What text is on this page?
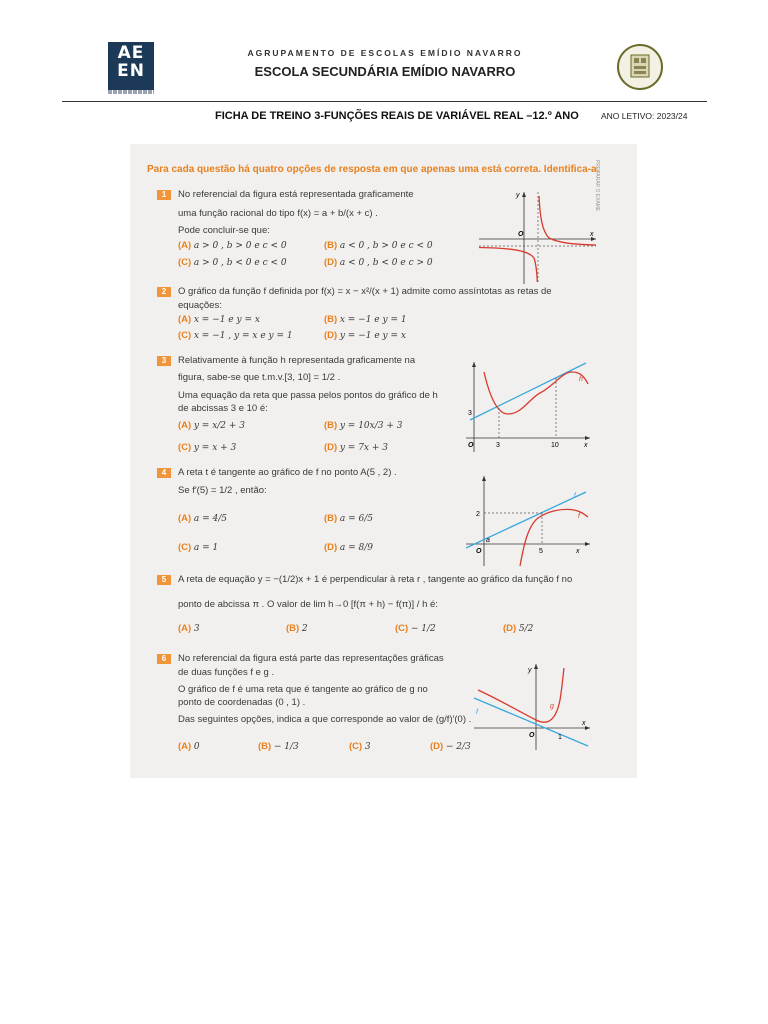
AE EN
AGRUPAMENTO DE ESCOLAS EMÍDIO NAVARRO
ESCOLA SECUNDÁRIA EMÍDIO NAVARRO
FICHA DE TREINO 3-FUNÇÕES REAIS DE VARIÁVEL REAL –12.º ANO	ANO LETIVO: 2023/24
Para cada questão há quatro opções de resposta em que apenas uma está correta. Identifica-a.
PREPARAR O EXAME
1	No referencial da figura está representada graficamente
uma função racional do tipo f(x) = a + b/(x + c) .
Pode concluir-se que:
(A) a > 0 , b > 0 e c < 0	(B) a < 0 , b > 0 e c < 0
(C) a > 0 , b < 0 e c < 0	(D) a < 0 , b < 0 e c > 0
y
x
O
2	O gráfico da função f definida por f(x) = x − x²/(x + 1) admite como assíntotas as retas de
equações:
(A) x = −1 e y = x	(B) x = −1 e y = 1
(C) x = −1 , y = x e y = 1	(D) y = −1 e y = x
3	Relativamente à função h representada graficamente na
figura, sabe-se que t.m.v.[3, 10] = 1/2 .
Uma equação da reta que passa pelos pontos do gráfico de h
de abcissas 3 e 10 é:
(A) y = x/2 + 3	(B) y = 10x/3 + 3
(C) y = x + 3	(D) y = 7x + 3
h
3
3	10
O	x
4	A reta t é tangente ao gráfico de f no ponto A(5 , 2) .
Se f′(5) = 1/2 , então:
(A) a = 4/5	(B) a = 6/5
(C) a = 1	(D) a = 8/9
t
f
2
a
O	5	x
5	A reta de equação y = −(1/2)x + 1 é perpendicular à reta r , tangente ao gráfico da função f no
ponto de abcissa π . O valor de lim h→0 [f(π + h) − f(π)] / h é:
(A) 3	(B) 2	(C) − 1/2	(D) 5/2
6	No referencial da figura está parte das representações gráficas
de duas funções f e g .
O gráfico de f é uma reta que é tangente ao gráfico de g no
ponto de coordenadas (0 , 1) .
Das seguintes opções, indica a que corresponde ao valor de (g/f)′(0) .
(A) 0	(B) − 1/3	(C) 3	(D) − 2/3
y
x
f
g
O	1
